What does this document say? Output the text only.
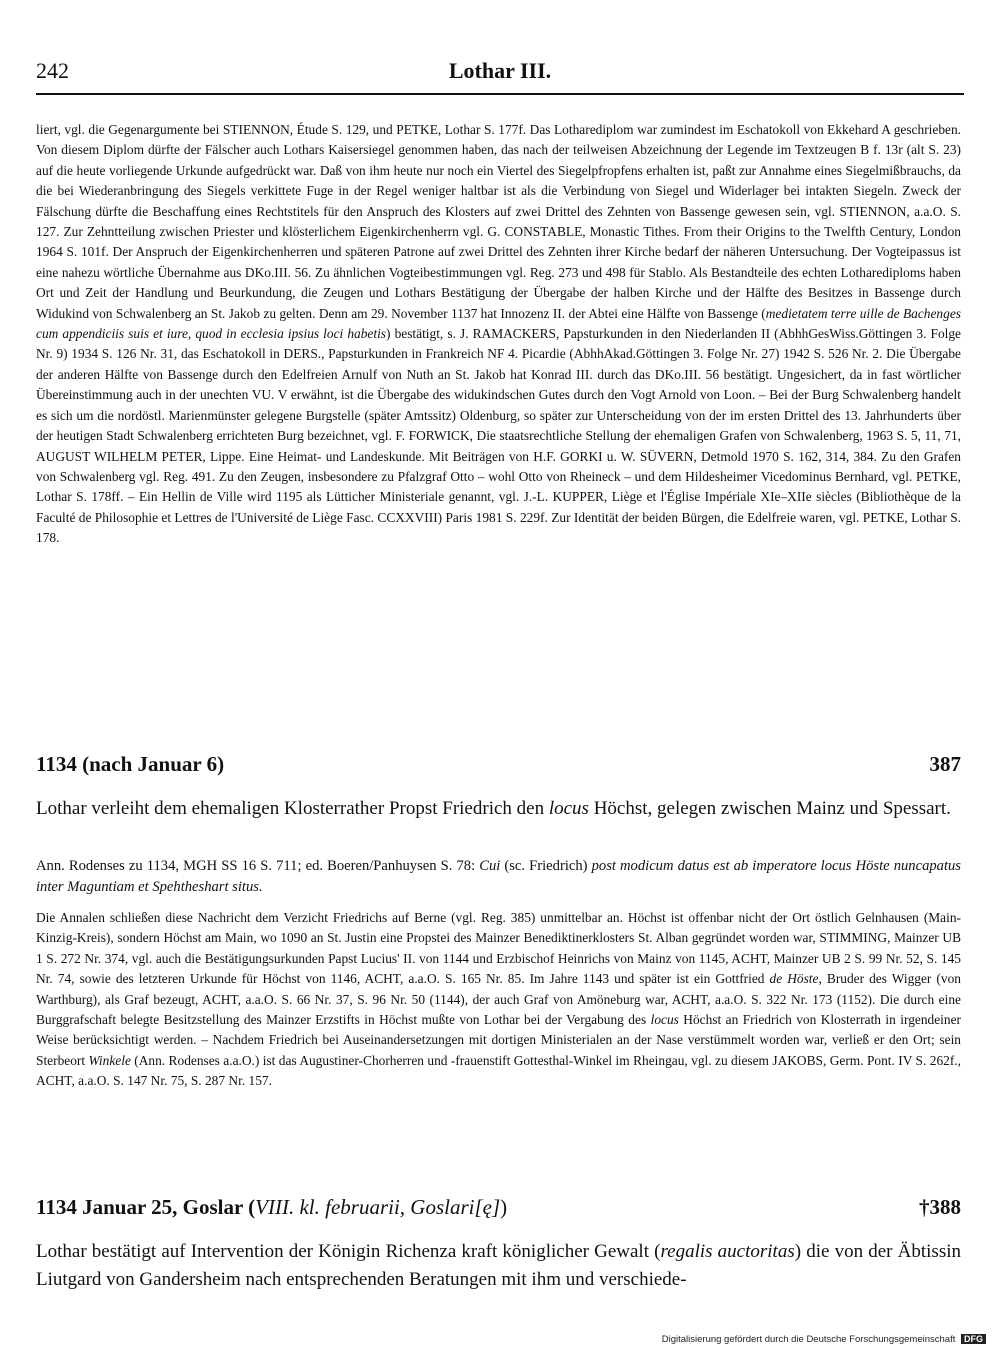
242	Lothar III.

liert, vgl. die Gegenargumente bei STIENNON, Étude S. 129, und PETKE, Lothar S. 177f. Das Lotharediplom war zumindest im Eschatokoll von Ekkehard A geschrieben. Von diesem Diplom dürfte der Fälscher auch Lothars Kaisersiegel genommen haben, das nach der teilweisen Abzeichnung der Legende im Textzeugen B f. 13r (alt S. 23) auf die heute vorliegende Urkunde aufgedrückt war. Daß von ihm heute nur noch ein Viertel des Siegelpfropfens erhalten ist, paßt zur Annahme eines Siegelmißbrauchs, da die bei Wiederanbringung des Siegels verkittete Fuge in der Regel weniger haltbar ist als die Verbindung von Siegel und Widerlager bei intakten Siegeln. Zweck der Fälschung dürfte die Beschaffung eines Rechtstitels für den Anspruch des Klosters auf zwei Drittel des Zehnten von Bassenge gewesen sein, vgl. STIENNON, a.a.O. S. 127. Zur Zehntteilung zwischen Priester und klösterlichem Eigenkirchenherrn vgl. G. CONSTABLE, Monastic Tithes. From their Origins to the Twelfth Century, London 1964 S. 101f. Der Anspruch der Eigenkirchenherren und späteren Patrone auf zwei Drittel des Zehnten ihrer Kirche bedarf der näheren Untersuchung. Der Vogteipassus ist eine nahezu wörtliche Übernahme aus DKo.III. 56. Zu ähnlichen Vogteibestimmungen vgl. Reg. 273 und 498 für Stablo. Als Bestandteile des echten Lotharediploms haben Ort und Zeit der Handlung und Beurkundung, die Zeugen und Lothars Bestätigung der Übergabe der halben Kirche und der Hälfte des Besitzes in Bassenge durch Widukind von Schwalenberg an St. Jakob zu gelten. Denn am 29. November 1137 hat Innozenz II. der Abtei eine Hälfte von Bassenge (medietatem terre uille de Bachenges cum appendiciis suis et iure, quod in ecclesia ipsius loci habetis) bestätigt, s. J. RAMACKERS, Papsturkunden in den Niederlanden II (AbhhGesWiss.Göttingen 3. Folge Nr. 9) 1934 S. 126 Nr. 31, das Eschatokoll in DERS., Papsturkunden in Frankreich NF 4. Picardie (AbhhAkad.Göttingen 3. Folge Nr. 27) 1942 S. 526 Nr. 2. Die Übergabe der anderen Hälfte von Bassenge durch den Edelfreien Arnulf von Nuth an St. Jakob hat Konrad III. durch das DKo.III. 56 bestätigt. Ungesichert, da in fast wörtlicher Übereinstimmung auch in der unechten VU. V erwähnt, ist die Übergabe des widukindschen Gutes durch den Vogt Arnold von Loon. – Bei der Burg Schwalenberg handelt es sich um die nordöstl. Marienmünster gelegene Burgstelle (später Amtssitz) Oldenburg, so später zur Unterscheidung von der im ersten Drittel des 13. Jahrhunderts über der heutigen Stadt Schwalenberg errichteten Burg bezeichnet, vgl. F. FORWICK, Die staatsrechtliche Stellung der ehemaligen Grafen von Schwalenberg, 1963 S. 5, 11, 71, AUGUST WILHELM PETER, Lippe. Eine Heimat- und Landeskunde. Mit Beiträgen von H.F. GORKI u. W. SÜVERN, Detmold 1970 S. 162, 314, 384. Zu den Grafen von Schwalenberg vgl. Reg. 491. Zu den Zeugen, insbesondere zu Pfalzgraf Otto – wohl Otto von Rheineck – und dem Hildesheimer Vicedominus Bernhard, vgl. PETKE, Lothar S. 178ff. – Ein Hellin de Ville wird 1195 als Lütticher Ministeriale genannt, vgl. J.-L. KUPPER, Liège et l'Église Impériale XIe–XIIe siècles (Bibliothèque de la Faculté de Philosophie et Lettres de l'Université de Liège Fasc. CCXXVIII) Paris 1981 S. 229f. Zur Identität der beiden Bürgen, die Edelfreie waren, vgl. PETKE, Lothar S. 178.

1134 (nach Januar 6)	387

Lothar verleiht dem ehemaligen Klosterrather Propst Friedrich den locus Höchst, gelegen zwischen Mainz und Spessart.

Ann. Rodenses zu 1134, MGH SS 16 S. 711; ed. Boeren/Panhuysen S. 78: Cui (sc. Friedrich) post modicum datus est ab imperatore locus Höste nuncapatus inter Maguntiam et Spehtheshart situs.

Die Annalen schließen diese Nachricht dem Verzicht Friedrichs auf Berne (vgl. Reg. 385) unmittelbar an. Höchst ist offenbar nicht der Ort östlich Gelnhausen (Main-Kinzig-Kreis), sondern Höchst am Main, wo 1090 an St. Justin eine Propstei des Mainzer Benediktinerklosters St. Alban gegründet worden war, STIMMING, Mainzer UB 1 S. 272 Nr. 374, vgl. auch die Bestätigungsurkunden Papst Lucius' II. von 1144 und Erzbischof Heinrichs von Mainz von 1145, ACHT, Mainzer UB 2 S. 99 Nr. 52, S. 145 Nr. 74, sowie des letzteren Urkunde für Höchst von 1146, ACHT, a.a.O. S. 165 Nr. 85. Im Jahre 1143 und später ist ein Gottfried de Höste, Bruder des Wigger (von Warthburg), als Graf bezeugt, ACHT, a.a.O. S. 66 Nr. 37, S. 96 Nr. 50 (1144), der auch Graf von Amöneburg war, ACHT, a.a.O. S. 322 Nr. 173 (1152). Die durch eine Burggrafschaft belegte Besitzstellung des Mainzer Erzstifts in Höchst mußte von Lothar bei der Vergabung des locus Höchst an Friedrich von Klosterrath in irgendeiner Weise berücksichtigt werden. – Nachdem Friedrich bei Auseinandersetzungen mit dortigen Ministerialen an der Nase verstümmelt worden war, verließ er den Ort; sein Sterbeort Winkele (Ann. Rodenses a.a.O.) ist das Augustiner-Chorherren und -frauenstift Gottesthal-Winkel im Rheingau, vgl. zu diesem JAKOBS, Germ. Pont. IV S. 262f., ACHT, a.a.O. S. 147 Nr. 75, S. 287 Nr. 157.

1134 Januar 25, Goslar (VIII. kl. februarii, Goslari[ę])	†388

Lothar bestätigt auf Intervention der Königin Richenza kraft königlicher Gewalt (regalis auctoritas) die von der Äbtissin Liutgard von Gandersheim nach entsprechenden Beratungen mit ihm und verschiede-

Digitalisierung gefördert durch die Deutsche Forschungsgemeinschaft DFG
